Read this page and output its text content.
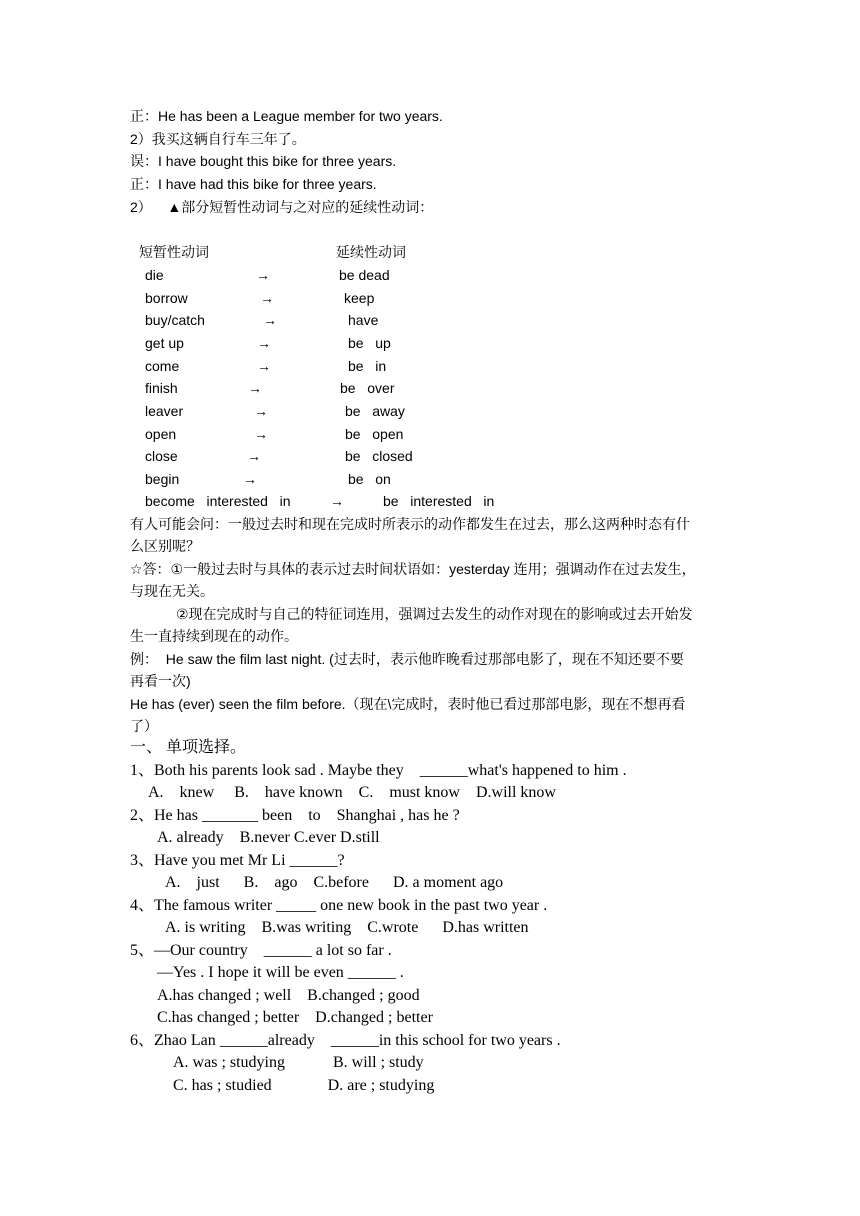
正：He has been a League member for two years.
2）我买这辆自行车三年了。
误：I have bought this bike for three years.
正：I have had this bike for three years.
2）    ▲部分短暂性动词与之对应的延续性动词：
短暂性动词	延续性动词
die	→	be dead
borrow	→	keep
buy/catch	→	have
get up	→	be   up
come	→	be   in
finish	→	be   over
leaver	→	be   away
open	→	be   open
close	→	be   closed
begin	→	be   on
become   interested   in	→	be   interested   in
有人可能会问：一般过去时和现在完成时所表示的动作都发生在过去，那么这两种时态有什
么区别呢？
☆答：①一般过去时与具体的表示过去时间状语如：yesterday 连用；强调动作在过去发生，
与现在无关。
②现在完成时与自己的特征词连用，强调过去发生的动作对现在的影响或过去开始发
生一直持续到现在的动作。
例：  He saw the film last night. (过去时，表示他昨晚看过那部电影了，现在不知还要不要
再看一次)
He has (ever) seen the film before.（现在\完成时，表时他已看过那部电影，现在不想再看
了）
一、 单项选择。
1、Both his parents look sad . Maybe they    ______what's happened to him .
A.    knew     B.    have known    C.    must know    D.will know
2、He has _______ been    to    Shanghai , has he ?
A. already    B.never C.ever D.still
3、Have you met Mr Li ______?
A.    just      B.    ago    C.before      D. a moment ago
4、The famous writer _____ one new book in the past two year .
A. is writing    B.was writing    C.wrote      D.has written
5、—Our country    ______ a lot so far .
—Yes . I hope it will be even ______ .
A.has changed ; well    B.changed ; good
C.has changed ; better    D.changed ; better
6、Zhao Lan ______already    ______in this school for two years .
A. was ; studying            B. will ; study
C. has ; studied              D. are ; studying
